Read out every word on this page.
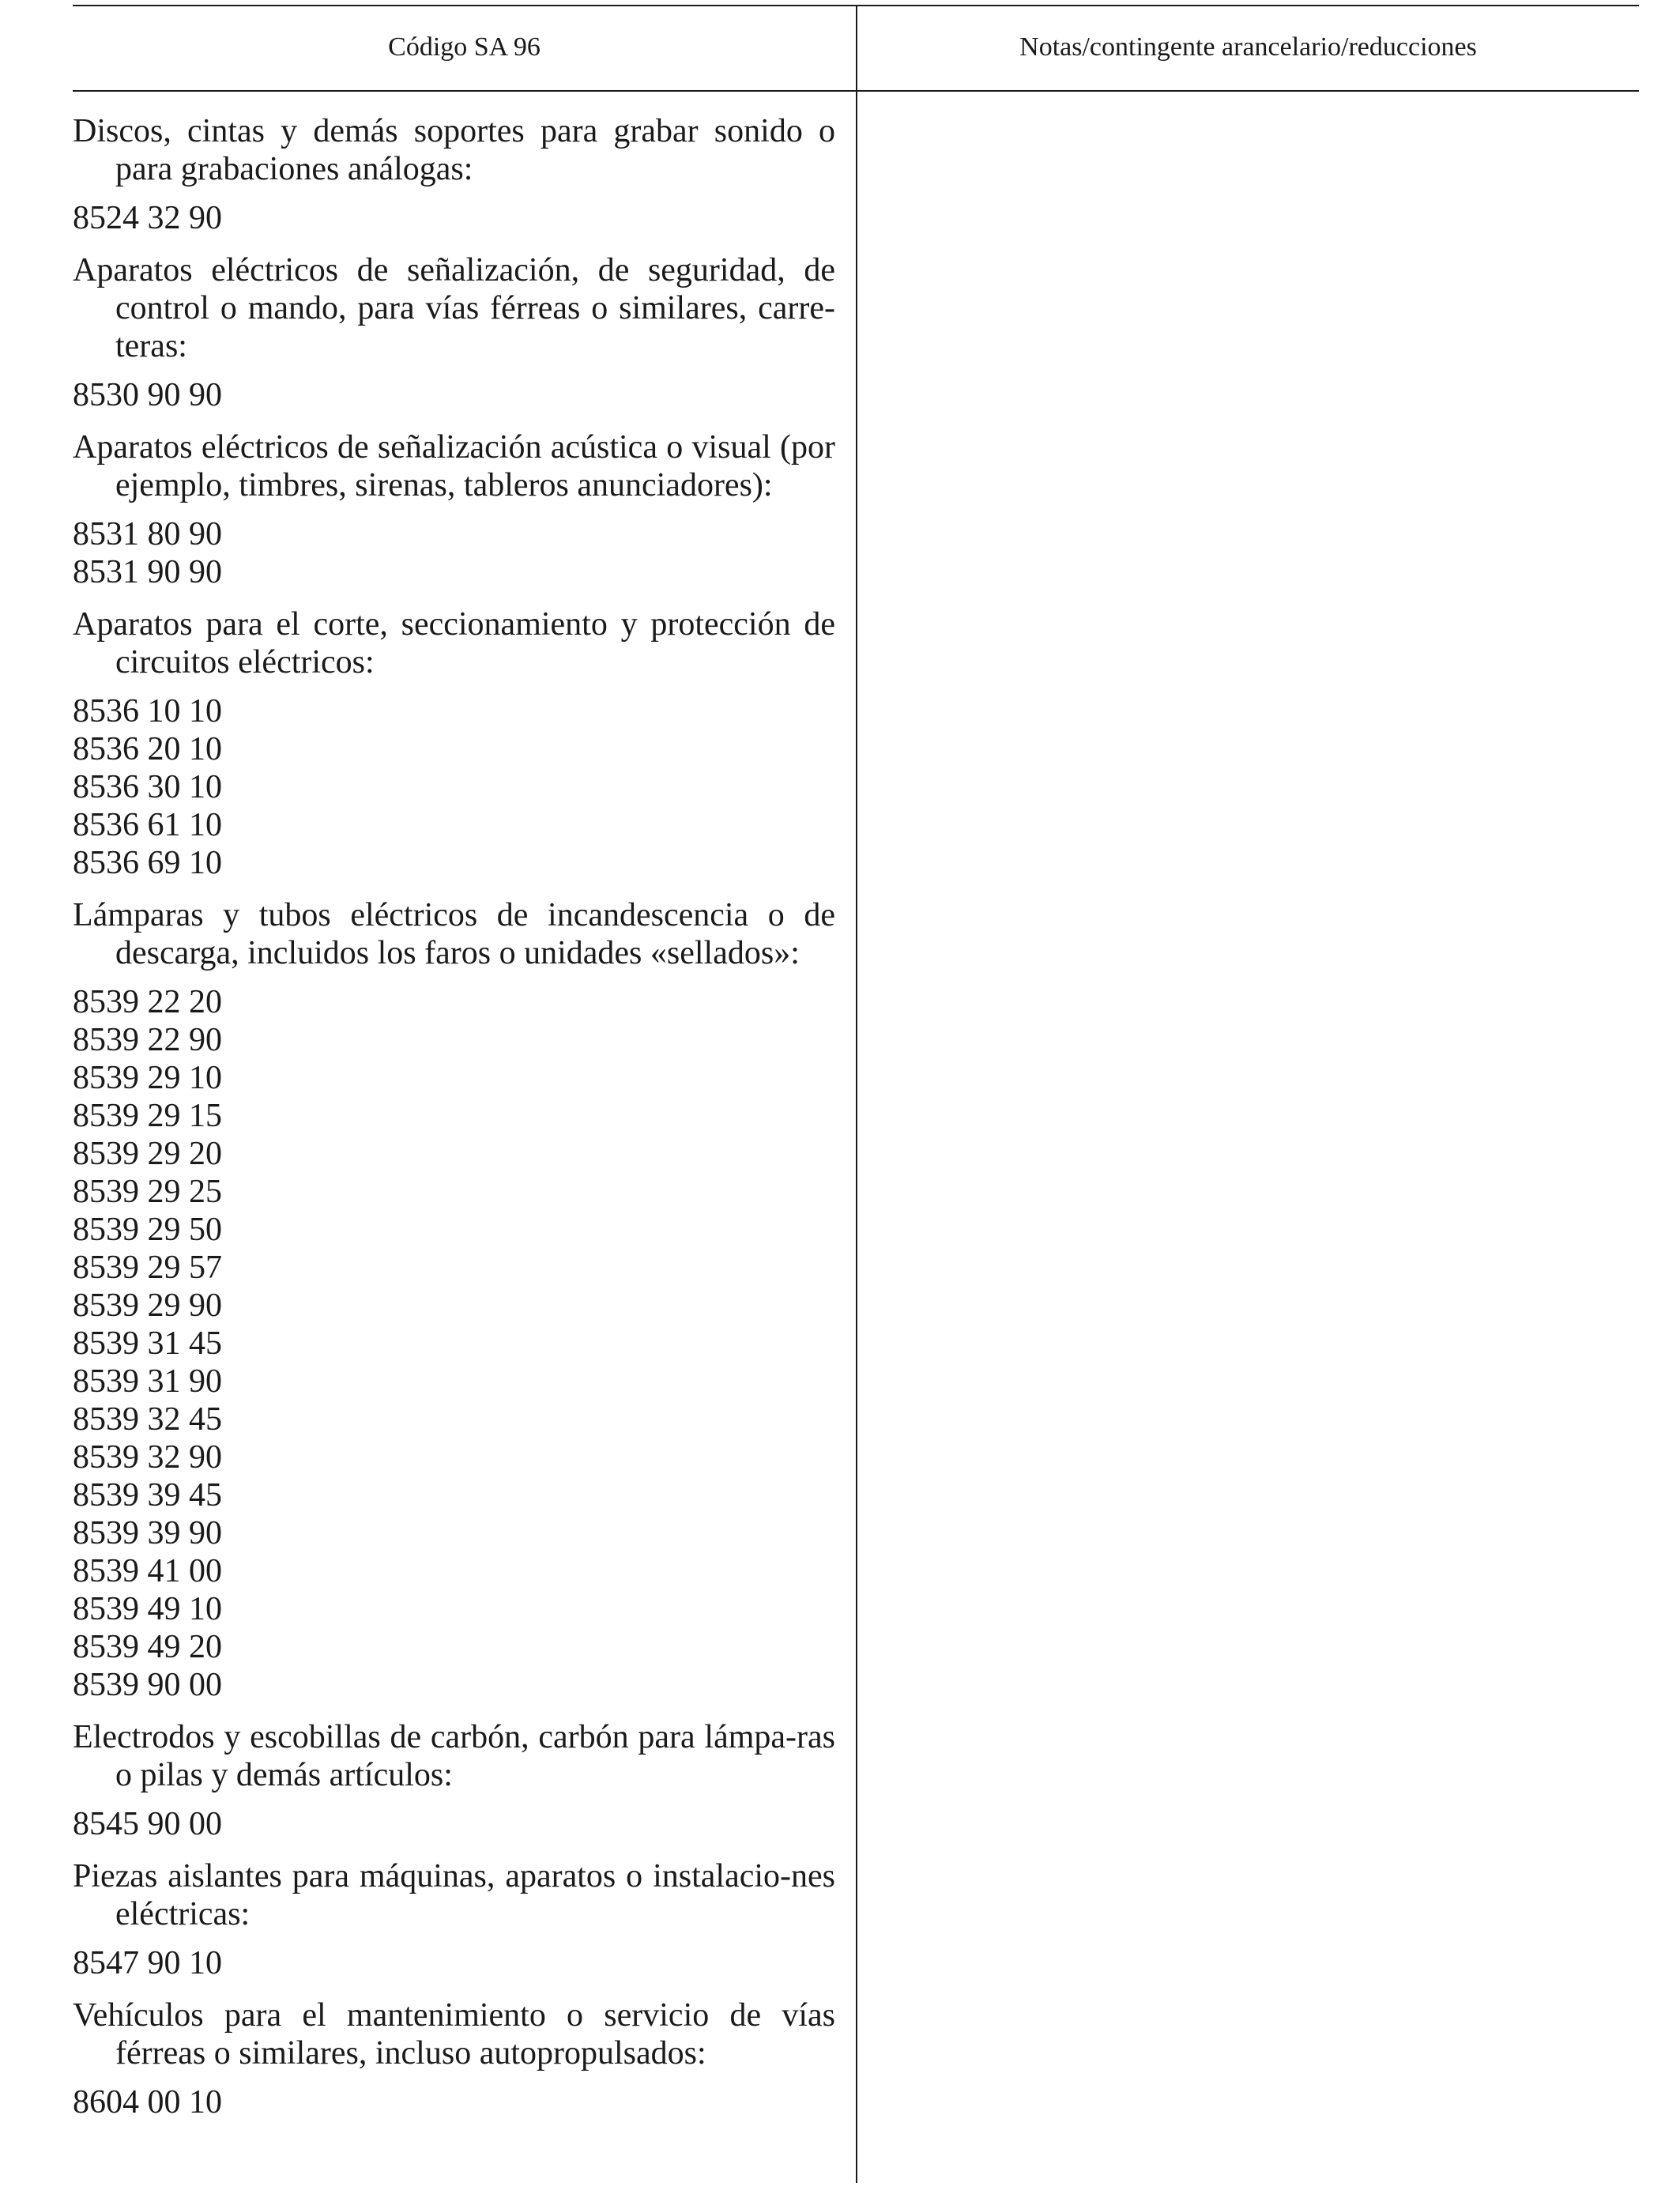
Código SA 96	Notas/contingente arancelario/reducciones

Discos, cintas y demás soportes para grabar sonido o para grabaciones análogas:

8524 32 90

Aparatos eléctricos de señalización, de seguridad, de control o mando, para vías férreas o similares, carre-teras:

8530 90 90

Aparatos eléctricos de señalización acústica o visual (por ejemplo, timbres, sirenas, tableros anunciadores):

8531 80 90
8531 90 90

Aparatos para el corte, seccionamiento y protección de circuitos eléctricos:

8536 10 10
8536 20 10
8536 30 10
8536 61 10
8536 69 10

Lámparas y tubos eléctricos de incandescencia o de descarga, incluidos los faros o unidades «sellados»:

8539 22 20
8539 22 90
8539 29 10
8539 29 15
8539 29 20
8539 29 25
8539 29 50
8539 29 57
8539 29 90
8539 31 45
8539 31 90
8539 32 45
8539 32 90
8539 39 45
8539 39 90
8539 41 00
8539 49 10
8539 49 20
8539 90 00

Electrodos y escobillas de carbón, carbón para lámpa-ras o pilas y demás artículos:

8545 90 00

Piezas aislantes para máquinas, aparatos o instalacio-nes eléctricas:

8547 90 10

Vehículos para el mantenimiento o servicio de vías férreas o similares, incluso autopropulsados:

8604 00 10
